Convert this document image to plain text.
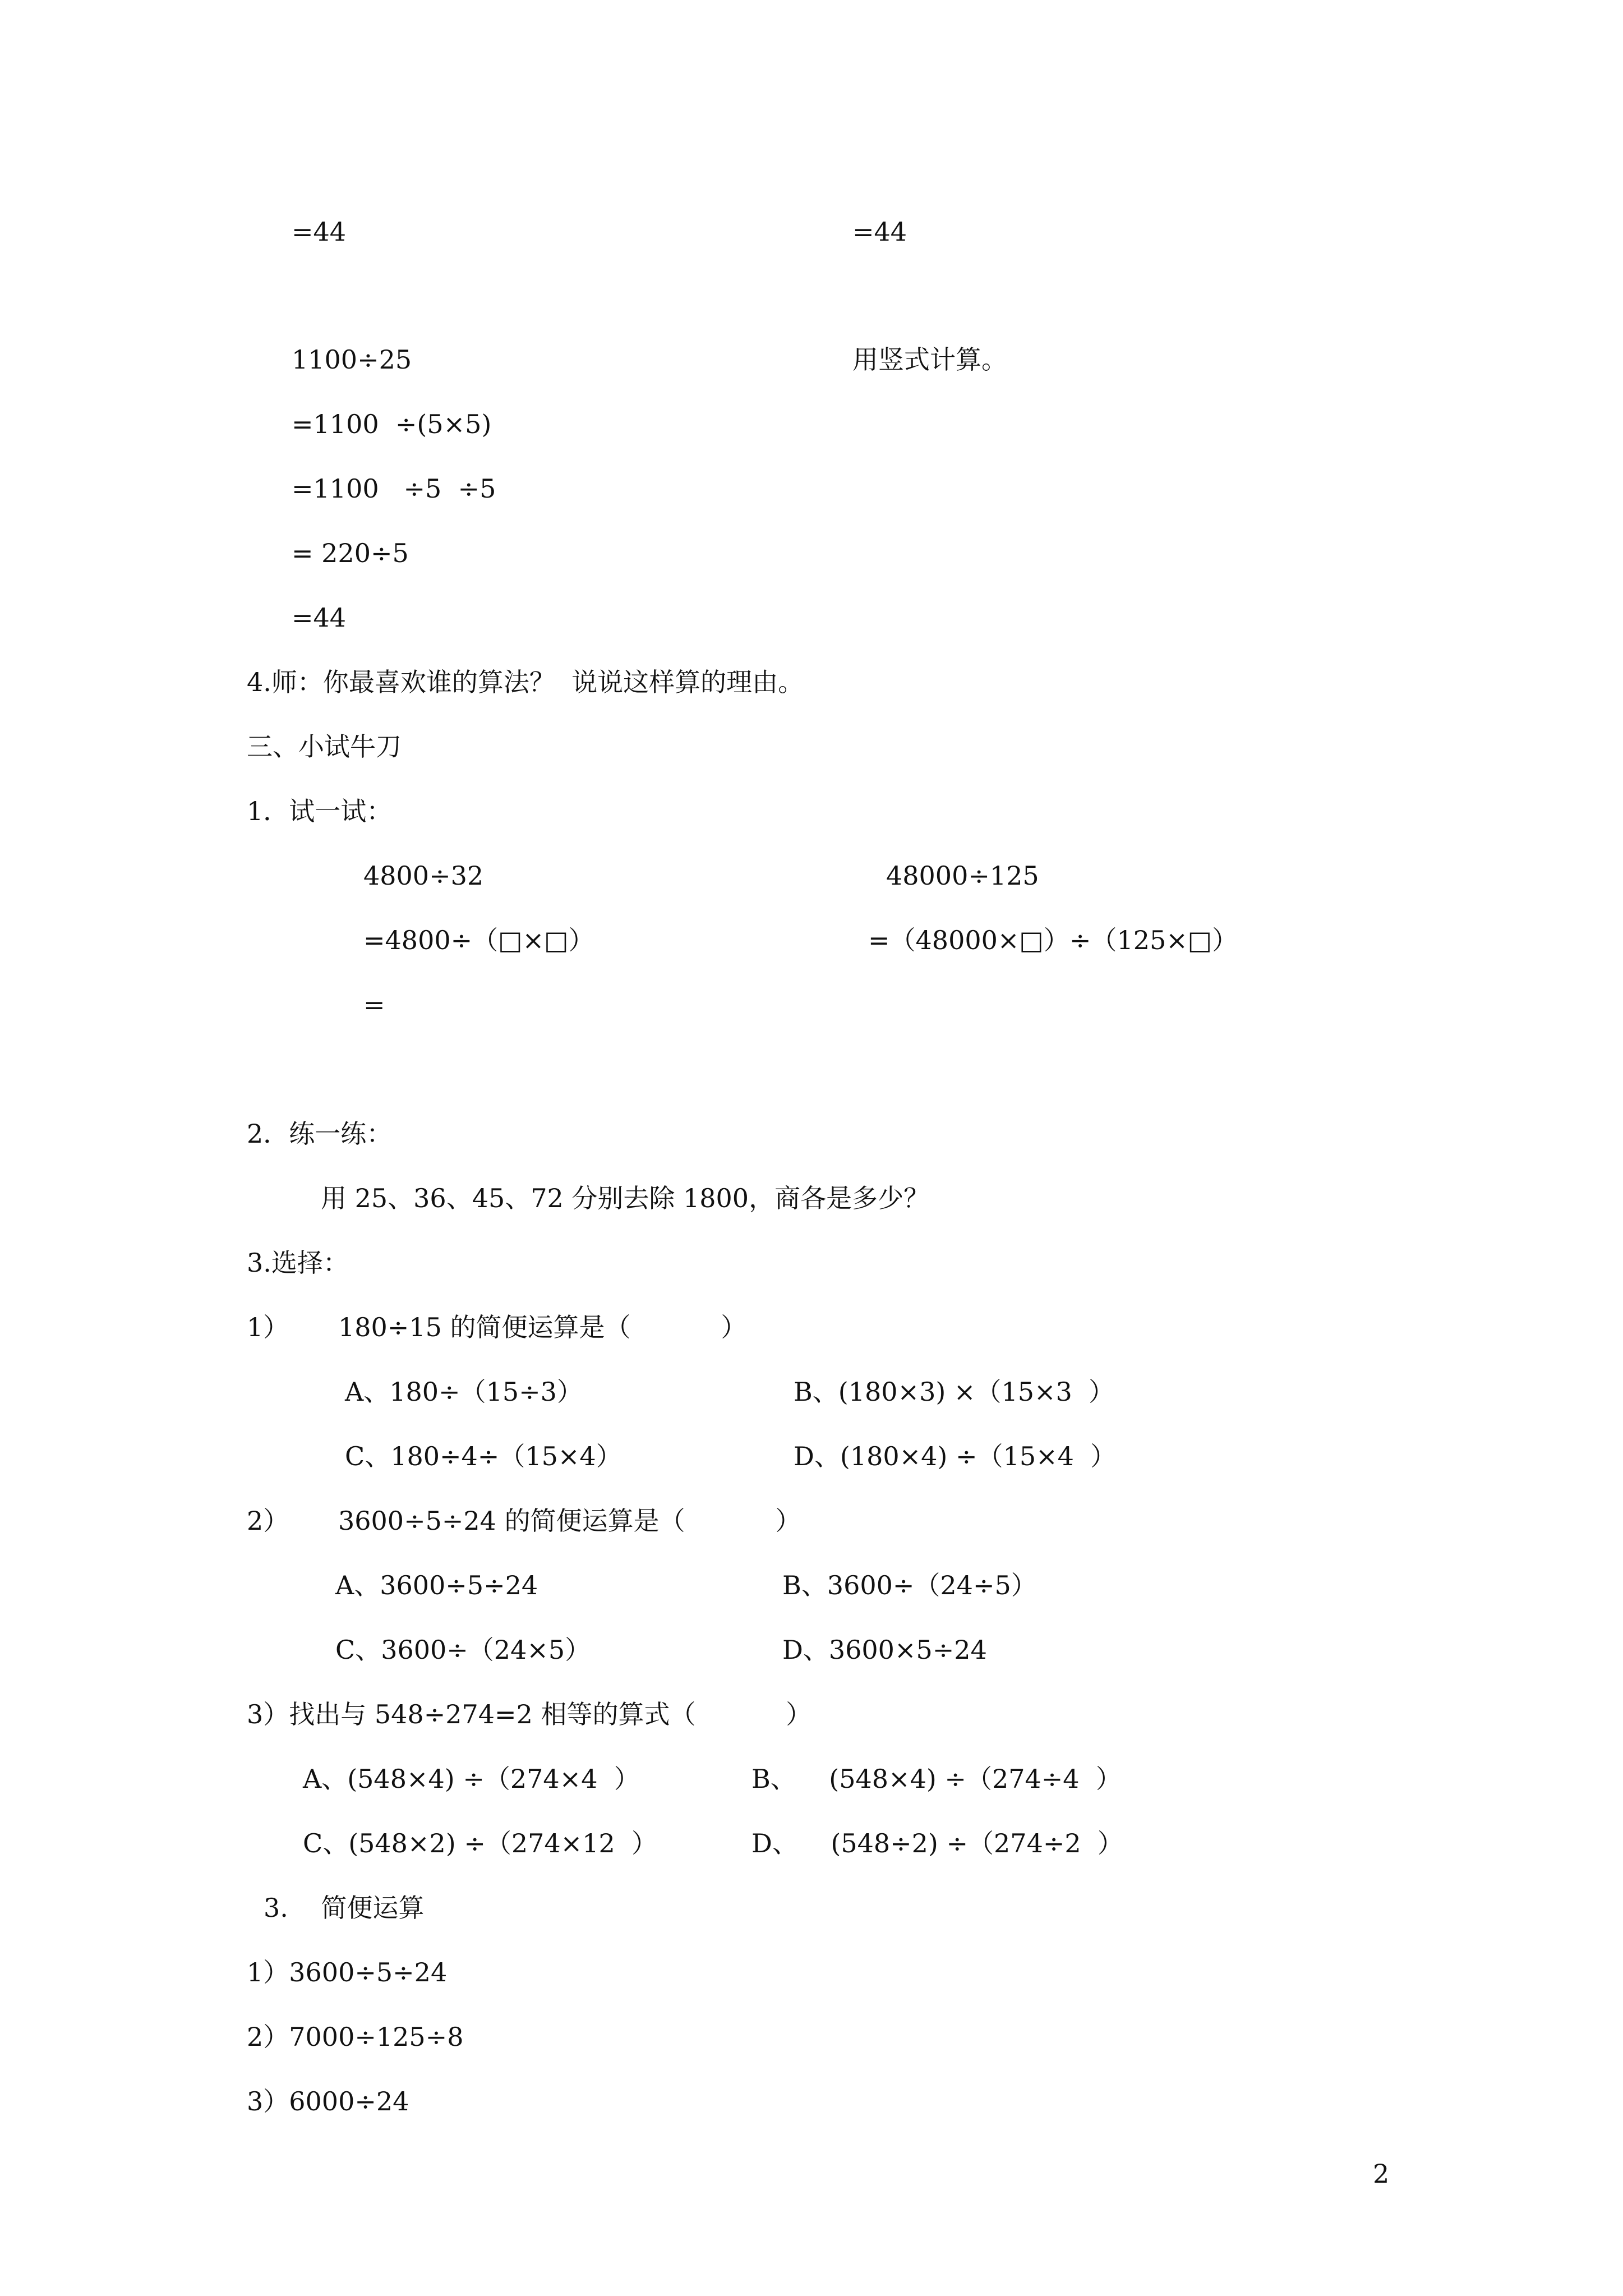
=44	=44
1100÷25	用竖式计算。
=1100  ÷(5×5)
=1100   ÷5  ÷5
= 220÷5
=44
4.师：你最喜欢谁的算法？  说说这样算的理由。
三、小试牛刀
1．试一试：
4800÷32	48000÷125
=4800÷（□×□）	=（48000×□）÷（125×□）
=
2．练一练：
用 25、36、45、72 分别去除 1800，商各是多少？
3.选择：
1）      180÷15 的简便运算是（           ）
A、180÷（15÷3）	B、(180×3) ×（15×3  ）
C、180÷4÷（15×4）	D、(180×4) ÷（15×4  ）
2）      3600÷5÷24 的简便运算是（           ）
A、3600÷5÷24	B、3600÷（24÷5）
C、3600÷（24×5）	D、3600×5÷24
3）找出与 548÷274=2 相等的算式（           ）
A、(548×4) ÷（274×4  ）	B、    (548×4) ÷（274÷4  ）
C、(548×2) ÷（274×12  ）	D、    (548÷2) ÷（274÷2  ）
3.    简便运算
1）3600÷5÷24
2）7000÷125÷8
3）6000÷24
2
